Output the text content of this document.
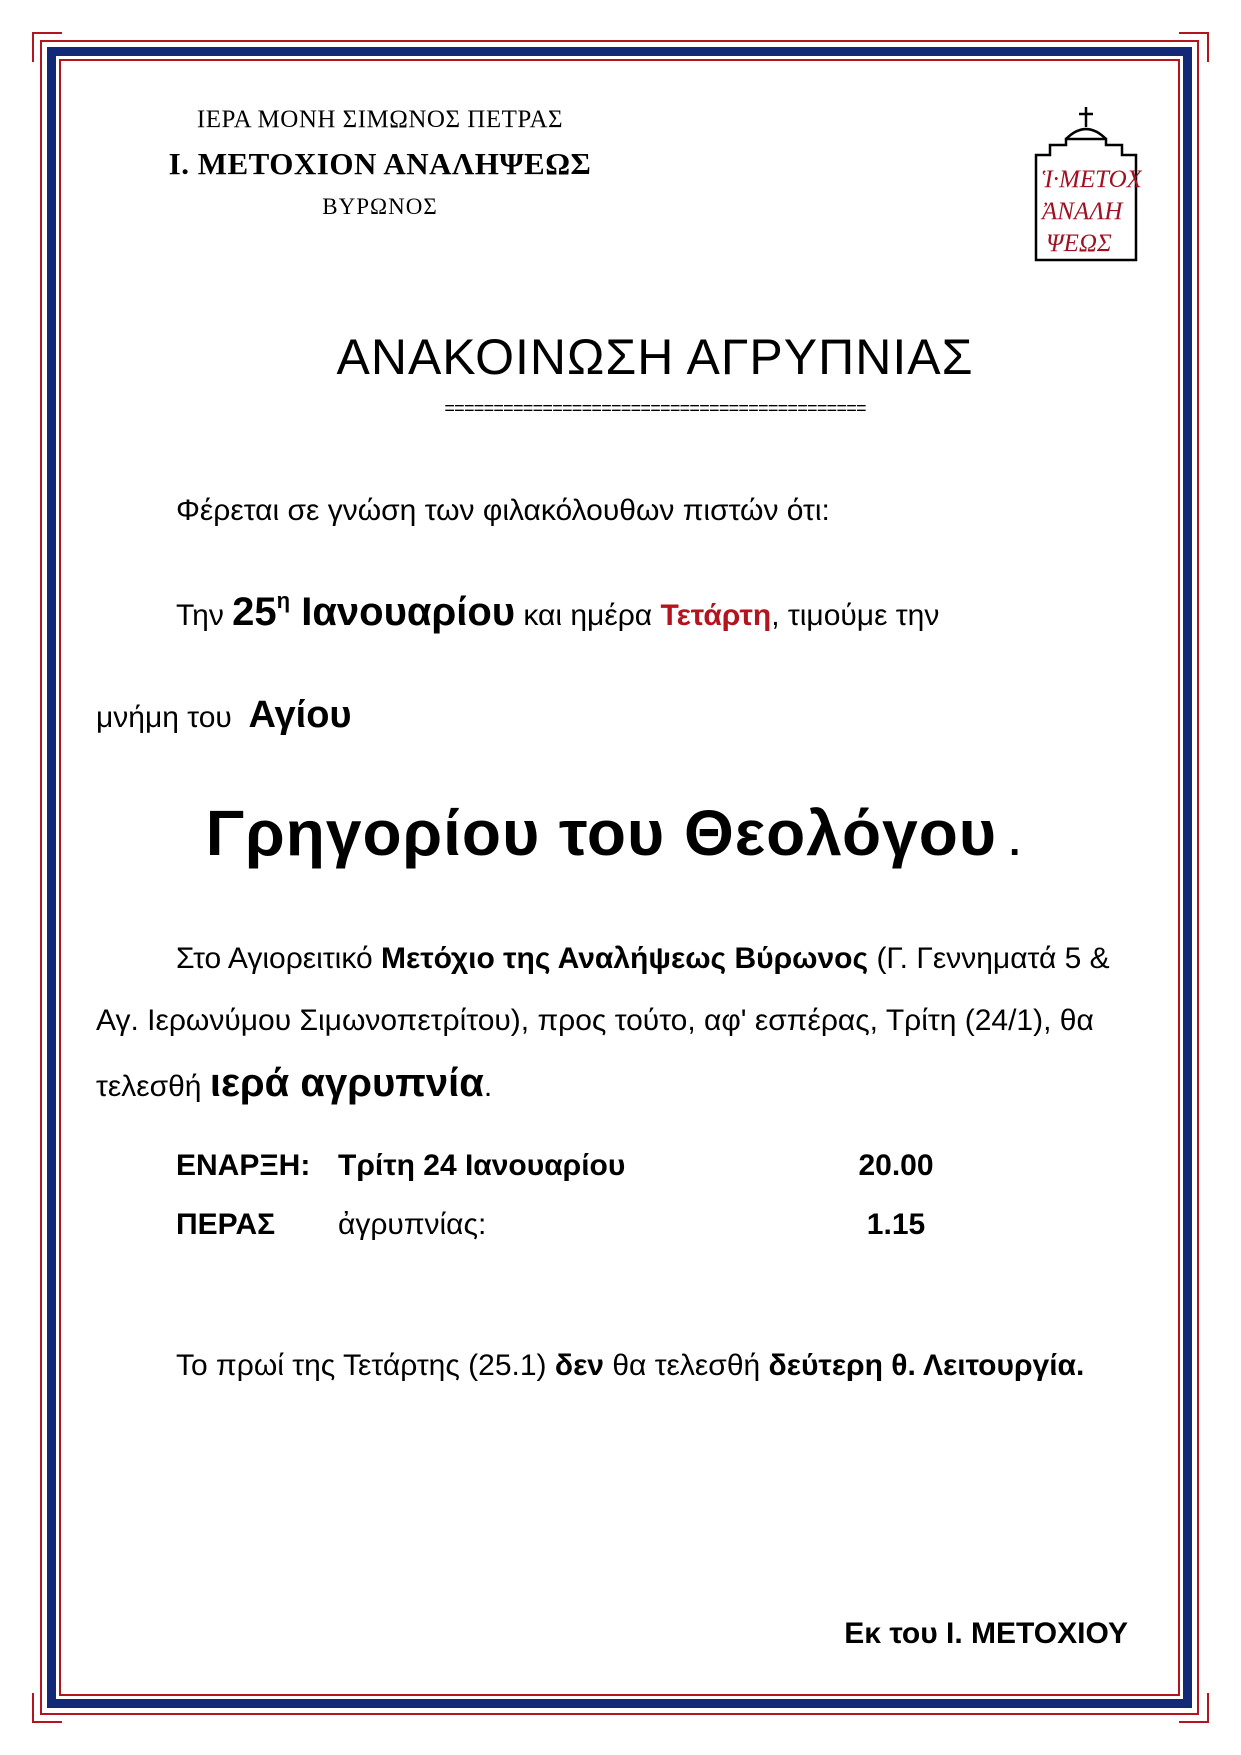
ΙΕΡΑ ΜΟΝΗ ΣΙΜΩΝΟΣ ΠΕΤΡΑΣ
Ι. ΜΕΤΟΧΙΟΝ ΑΝΑΛΗΨΕΩΣ
ΒΥΡΩΝΟΣ
Ἱ·ΜΕΤΟΧ
ἈΝΑΛΗ
ΨΕΩΣ
ΑΝΑΚΟΙΝΩΣΗ ΑΓΡΥΠΝΙΑΣ
===========================================
Φέρεται σε γνώση των φιλακόλουθων πιστών ότι:
Την $25^\eta$ Ιανουαρίου και ημέρα Τετάρτη, τιμούμε την
μνήμη του  Αγίου
Γρηγορίου του Θεολόγου .
Στο Αγιορειτικό Μετόχιο της Αναλήψεως Βύρωνος (Γ. Γεννηματά 5 & Αγ. Ιερωνύμου Σιμωνοπετρίτου), προς τούτο, αφ' εσπέρας, Τρίτη (24/1), θα τελεσθή ιερά αγρυπνία.
ΕΝΑΡΞΗ: Τρίτη 24 Ιανουαρίου	20.00
ΠΕΡΑΣ	ἀγρυπνίας:	1.15
Το πρωί της Τετάρτης (25.1) δεν θα τελεσθή δεύτερη θ. Λειτουργία.
Εκ του Ι. ΜΕΤΟΧΙΟΥ
